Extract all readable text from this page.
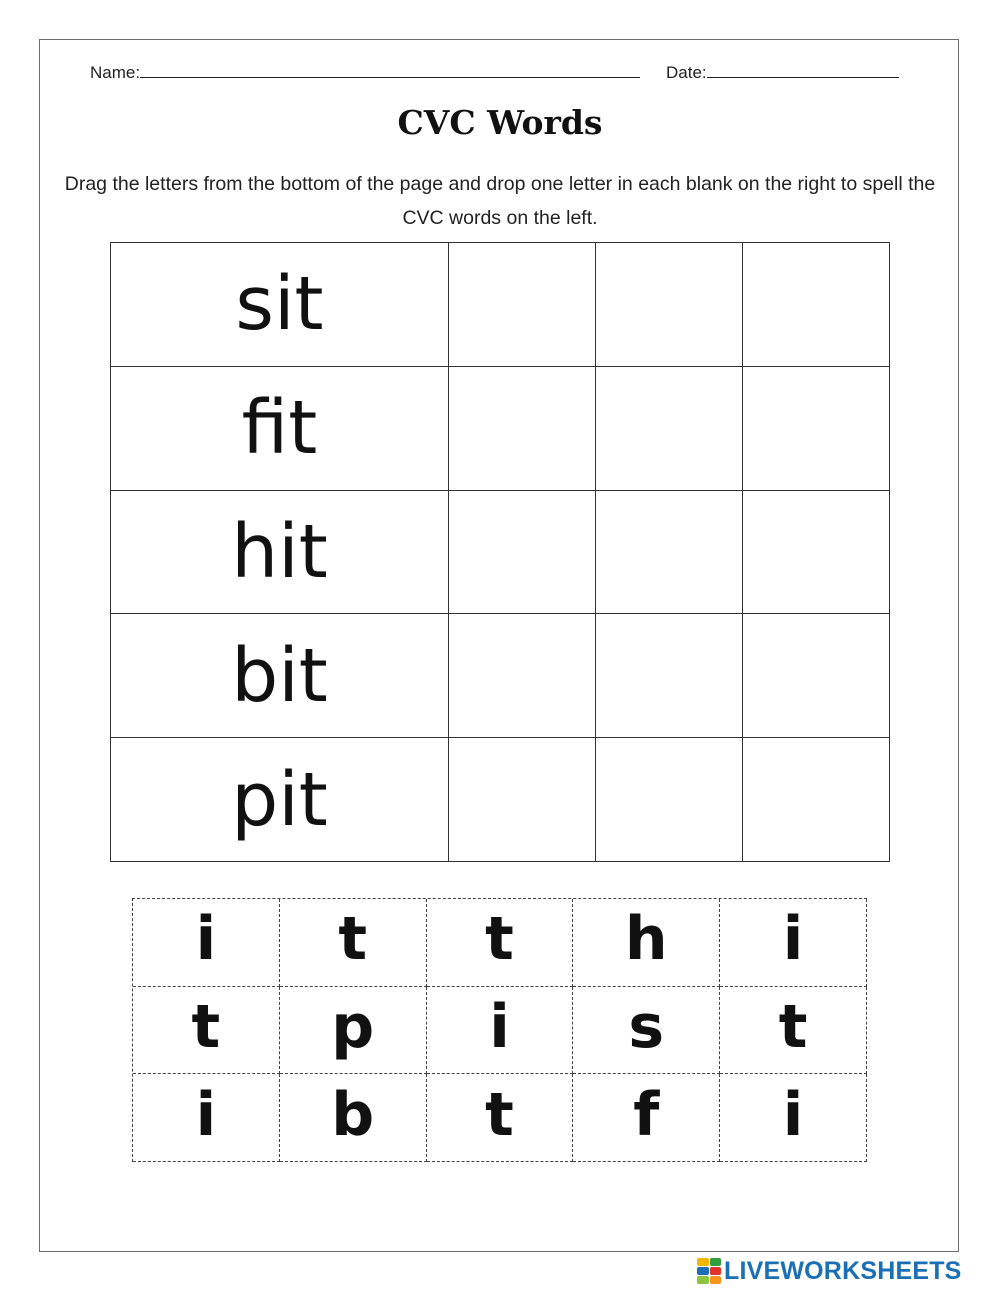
Name:	Date:
CVC Words
Drag the letters from the bottom of the page and drop one letter in each blank on the right to spell the CVC words on the left.
sit			
fit			
hit			
bit			
pit			
i	t	t	h	i
t	p	i	s	t
i	b	t	f	i
LIVEWORKSHEETS
